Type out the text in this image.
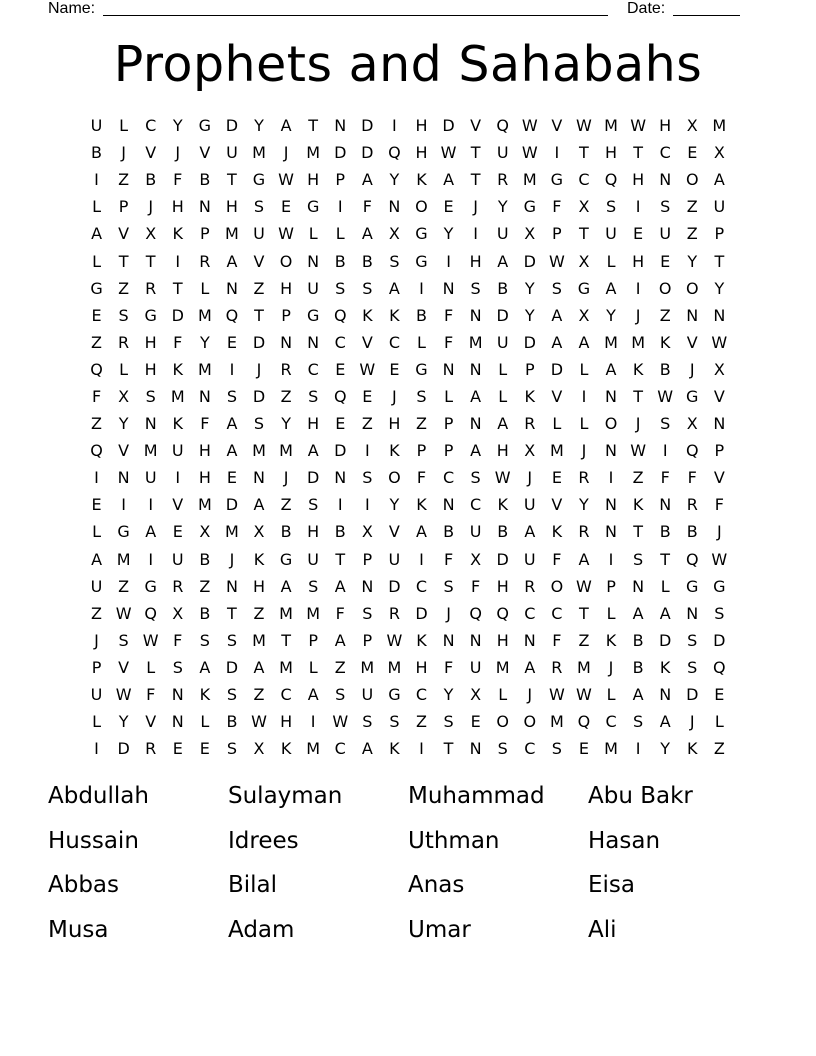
Name:	Date:
Prophets and Sahabahs
U	L	C	Y G D	Y	A	T	N D	I	H D V Q W V W M W H X M
B	J	V	J	V U M	J	M D D Q H W T	U W	I	T	H	T	C	E	X
I	Z	B	F	B	T G W H	P	A	Y	K	A	T	R M G C Q H N O A
L	P	J	H N H S	E G	I	F	N O E	J	Y G	F	X	S	I	S	Z U
A	V	X	K	P M U W L	L	A	X G Y	I	U X	P	T	U	E	U Z	P
L	T	T	I	R	A	V O N B	B	S G	I	H A D W X	L	H	E	Y	T
G Z	R	T	L	N Z H U	S	S	A	I	N	S	B	Y	S G A	I	O O Y
E	S G D M Q T	P	G Q K	K	B	F	N D	Y	A	X	Y	J	Z N N
Z	R H	F	Y	E D N N C	V	C	L	F M U D A	A M M K	V W
Q	L	H K M	I	J	R C	E W E G N N	L	P	D	L	A	K	B	J	X
F	X	S M N	S D Z	S Q E	J	S	L	A	L	K	V	I	N	T W G V
Z	Y	N K	F	A	S	Y	H	E	Z H Z	P	N A	R	L	L	O	J	S	X N
Q V M U H A M M A D	I	K	P	P	A H X M	J	N W	I	Q P
I	N U	I	H	E	N	J	D N	S O	F	C	S W	J	E	R	I	Z	F	F	V
E	I	I	V M D A	Z	S	I	I	Y	K N C	K U V	Y	N K N R	F
L	G A	E	X M X	B H B	X	V	A	B U B	A	K	R N	T	B	B	J
A M	I	U B	J	K G U	T	P	U	I	F	X D U	F	A	I	S	T Q W
U Z G R	Z N H A	S	A N D C	S	F	H R O W P	N	L	G G
Z W Q X	B	T	Z M M F	S	R D	J	Q Q C C	T	L	A	A N	S
J	S W F	S	S M T	P	A	P W K N N H N	F	Z	K	B D S D
P	V	L	S	A D A M L	Z M M H	F	U M A	R M	J	B	K	S Q
U W F	N K	S	Z	C	A	S	U G C	Y	X	L	J	W W L	A N D E
L	Y	V N	L	B W H	I	W S	S	Z	S	E O O M Q C	S	A	J	L
I	D R	E	E	S	X	K M C	A	K	I	T	N	S	C	S	E M	I	Y	K	Z
Abdullah	Sulayman	Muhammad	Abu Bakr
Hussain	Idrees	Uthman	Hasan
Abbas	Bilal	Anas	Eisa
Musa	Adam	Umar	Ali
